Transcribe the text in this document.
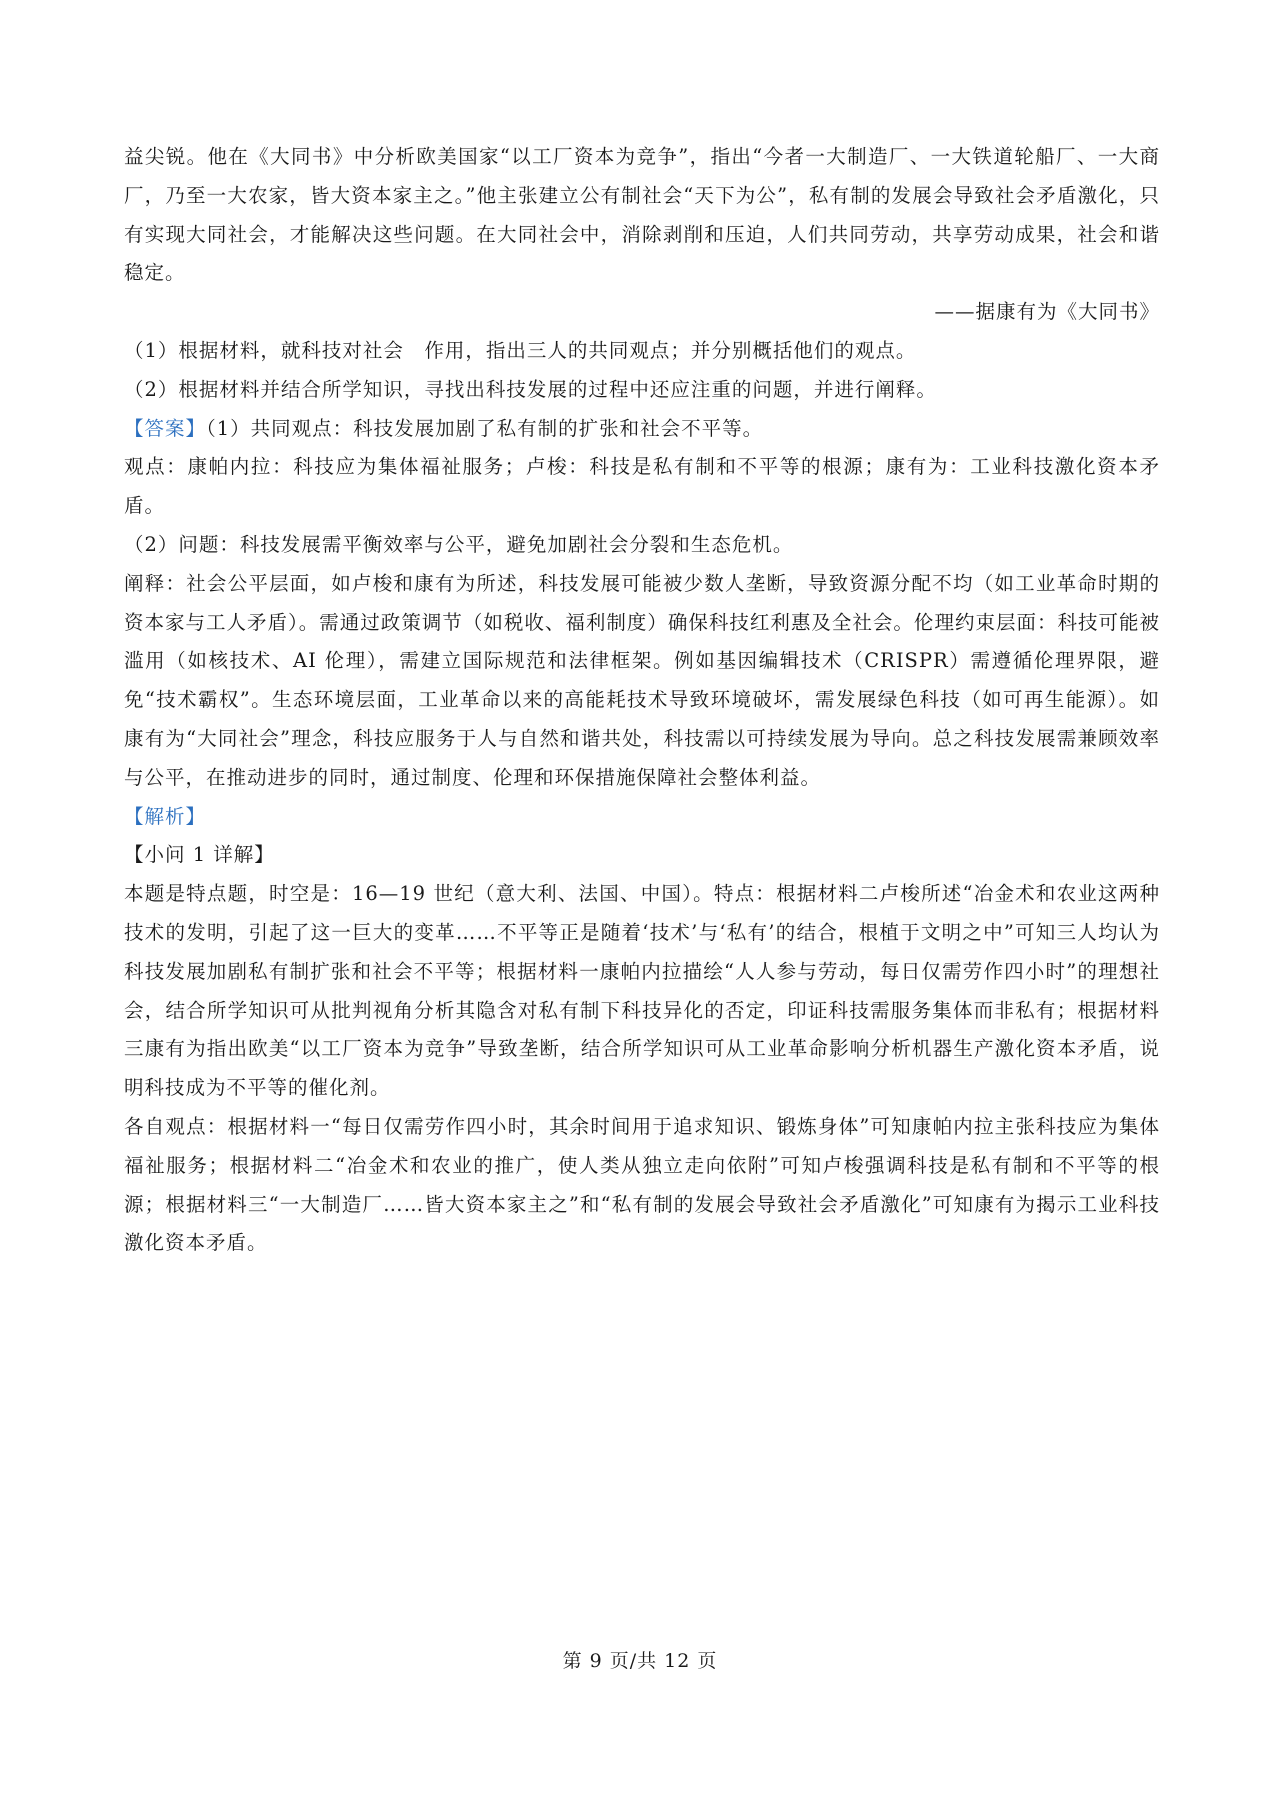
益尖锐。他在《大同书》中分析欧美国家“以工厂资本为竞争”，指出“今者一大制造厂、一大铁道轮船厂、一大商厂，乃至一大农家，皆大资本家主之。”他主张建立公有制社会“天下为公”，私有制的发展会导致社会矛盾激化，只有实现大同社会，才能解决这些问题。在大同社会中，消除剥削和压迫，人们共同劳动，共享劳动成果，社会和谐稳定。

——据康有为《大同书》

（1）根据材料，就科技对社会　作用，指出三人的共同观点；并分别概括他们的观点。

（2）根据材料并结合所学知识，寻找出科技发展的过程中还应注重的问题，并进行阐释。

【答案】（1）共同观点：科技发展加剧了私有制的扩张和社会不平等。

观点：康帕内拉：科技应为集体福祉服务；卢梭：科技是私有制和不平等的根源；康有为：工业科技激化资本矛盾。

（2）问题：科技发展需平衡效率与公平，避免加剧社会分裂和生态危机。

阐释：社会公平层面，如卢梭和康有为所述，科技发展可能被少数人垄断，导致资源分配不均（如工业革命时期的资本家与工人矛盾）。需通过政策调节（如税收、福利制度）确保科技红利惠及全社会。伦理约束层面：科技可能被滥用（如核技术、AI 伦理），需建立国际规范和法律框架。例如基因编辑技术（CRISPR）需遵循伦理界限，避免“技术霸权”。生态环境层面，工业革命以来的高能耗技术导致环境破坏，需发展绿色科技（如可再生能源）。如康有为“大同社会”理念，科技应服务于人与自然和谐共处，科技需以可持续发展为导向。总之科技发展需兼顾效率与公平，在推动进步的同时，通过制度、伦理和环保措施保障社会整体利益。

【解析】

【小问 1 详解】

本题是特点题，时空是：16—19 世纪（意大利、法国、中国）。特点：根据材料二卢梭所述“冶金术和农业这两种技术的发明，引起了这一巨大的变革……不平等正是随着‘技术’与‘私有’的结合，根植于文明之中”可知三人均认为科技发展加剧私有制扩张和社会不平等；根据材料一康帕内拉描绘“人人参与劳动，每日仅需劳作四小时”的理想社会，结合所学知识可从批判视角分析其隐含对私有制下科技异化的否定，印证科技需服务集体而非私有；根据材料三康有为指出欧美“以工厂资本为竞争”导致垄断，结合所学知识可从工业革命影响分析机器生产激化资本矛盾，说明科技成为不平等的催化剂。

各自观点：根据材料一“每日仅需劳作四小时，其余时间用于追求知识、锻炼身体”可知康帕内拉主张科技应为集体福祉服务；根据材料二“冶金术和农业的推广，使人类从独立走向依附”可知卢梭强调科技是私有制和不平等的根源；根据材料三“一大制造厂……皆大资本家主之”和“私有制的发展会导致社会矛盾激化”可知康有为揭示工业科技激化资本矛盾。

第 9 页/共 12 页
